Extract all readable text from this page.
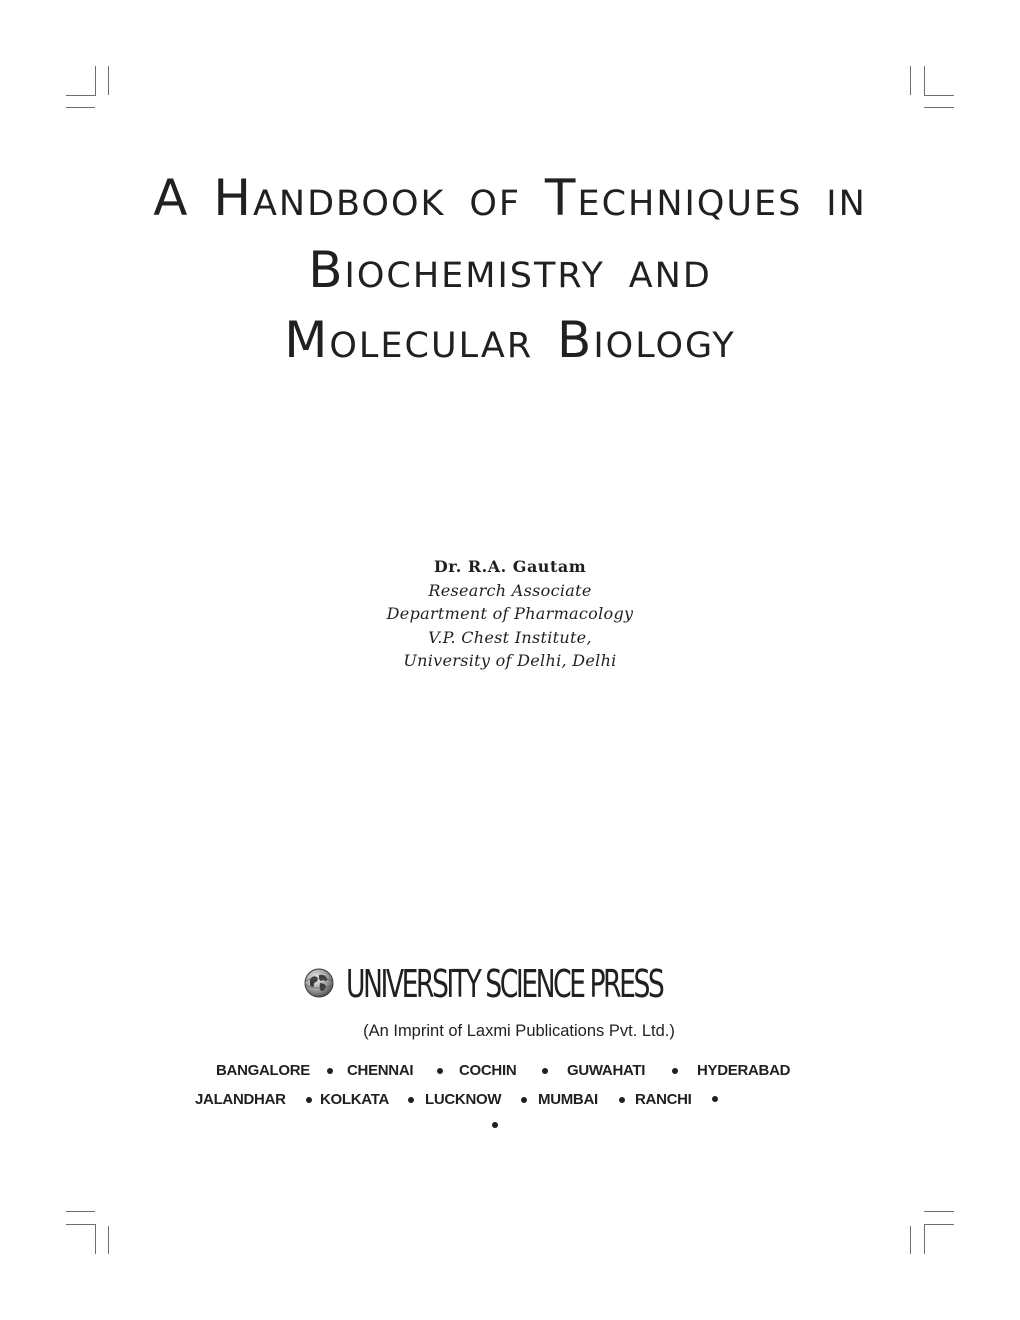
A Handbook of Techniques in
Biochemistry and
Molecular Biology
Dr. R.A. Gautam
Research Associate
Department of Pharmacology
V.P. Chest Institute,
University of Delhi, Delhi
UNIVERSITY SCIENCE PRESS
(An Imprint of Laxmi Publications Pvt. Ltd.)
BANGALORE CHENNAI	COCHIN	GUWAHATI	HYDERABAD
JALANDHAR KOLKATA LUCKNOW MUMBAI RANCHI
